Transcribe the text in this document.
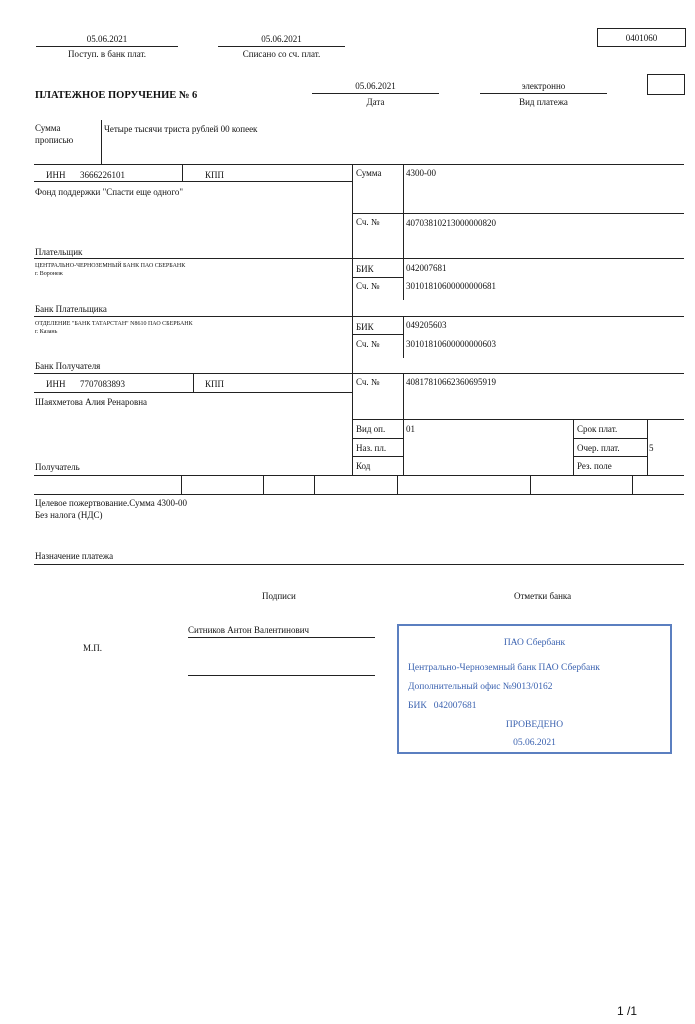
05.06.2021
Поступ. в банк плат.
05.06.2021
Списано со сч. плат.
0401060
ПЛАТЕЖНОЕ ПОРУЧЕНИЕ № 6
05.06.2021
Дата
электронно
Вид платежа
Сумма
прописью
Четыре тысячи триста рублей 00 копеек
ИНН 3666226101	КПП
Фонд поддержки "Спасти еще одного"
Плательщик
Сумма	4300-00
Сч. №	40703810213000000820
ЦЕНТРАЛЬНО-ЧЕРНОЗЕМНЫЙ БАНК ПАО СБЕРБАНК
г. Воронеж
Банк Плательщика
БИК	042007681
Сч. №	30101810600000000681
ОТДЕЛЕНИЕ "БАНК ТАТАРСТАН" N8610 ПАО СБЕРБАНК
г. Казань
Банк Получателя
БИК	049205603
Сч. №	30101810600000000603
ИНН 7707083893	КПП
Шаяхметова Алия Ренаровна
Получатель
Сч. №	40817810662360695919
Вид оп. 01	Срок плат.
Наз. пл.	Очер. плат.	5
Код	Рез. поле
Целевое пожертвование.Сумма 4300-00
Без налога (НДС)
Назначение платежа
Подписи	Отметки банка
Ситников Антон Валентинович
М.П.	ПАО Сбербанк
Центрально-Черноземный банк ПАО Сбербанк
Дополнительный офис №9013/0162
БИК   042007681
ПРОВЕДЕНО
05.06.2021
1 /1
